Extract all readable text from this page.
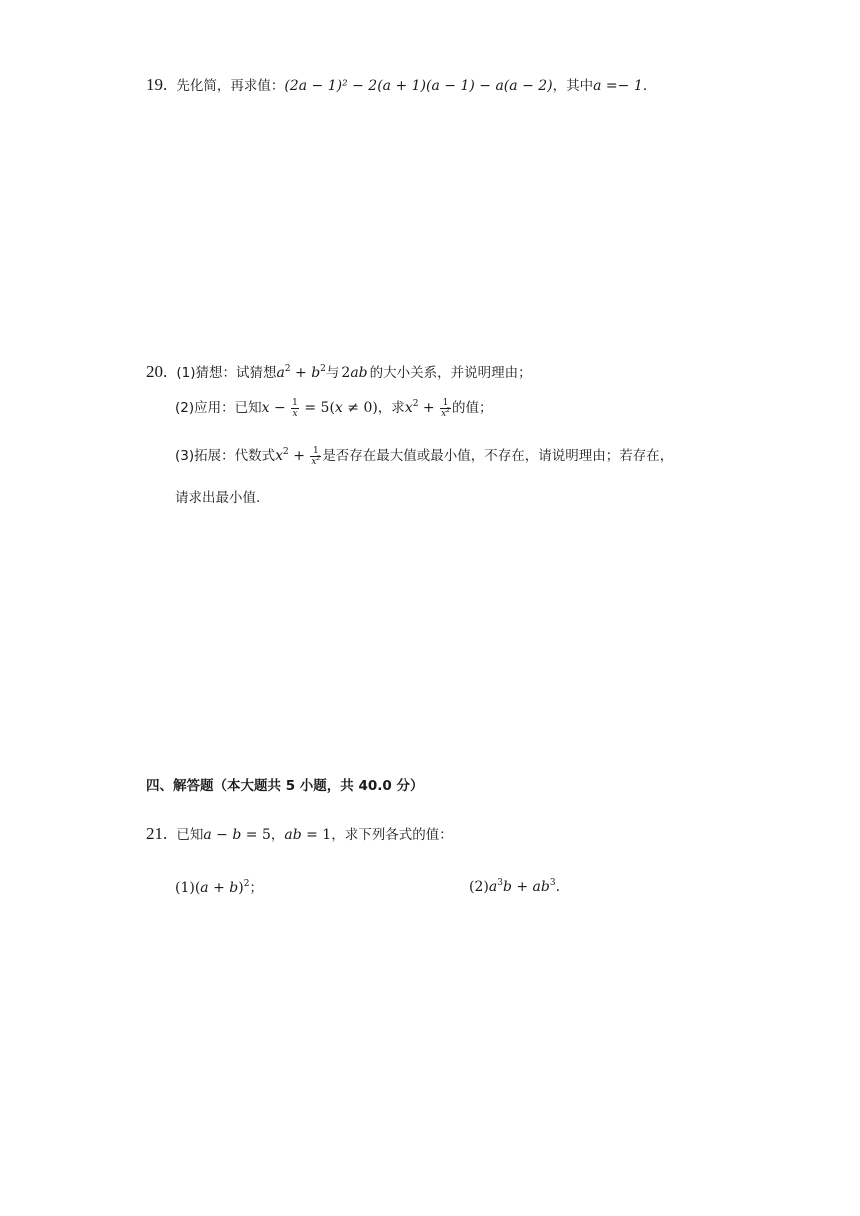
19. 先化简，再求值：(2a − 1)² − 2(a + 1)(a − 1) − a(a − 2)，其中a =− 1.
20. (1)猜想：试猜想$a^2 + b^2$与 2ab 的大小关系，并说明理由；
(2)应用：已知$x - \frac{1}{x} = 5(x \ne 0)$，求$x^2 + \frac{1}{x^2}$ 的值；
(3)拓展：代数式$x^2 + \frac{1}{x^2}$ 是否存在最大值或最小值，不存在，请说明理由；若存在，
请求出最小值.
四、解答题（本大题共 5 小题，共 40.0 分）
21. 已知a − b = 5，ab = 1，求下列各式的值：
$(1)(a + b)^2$；	$(2)a^3b + ab^3$.
